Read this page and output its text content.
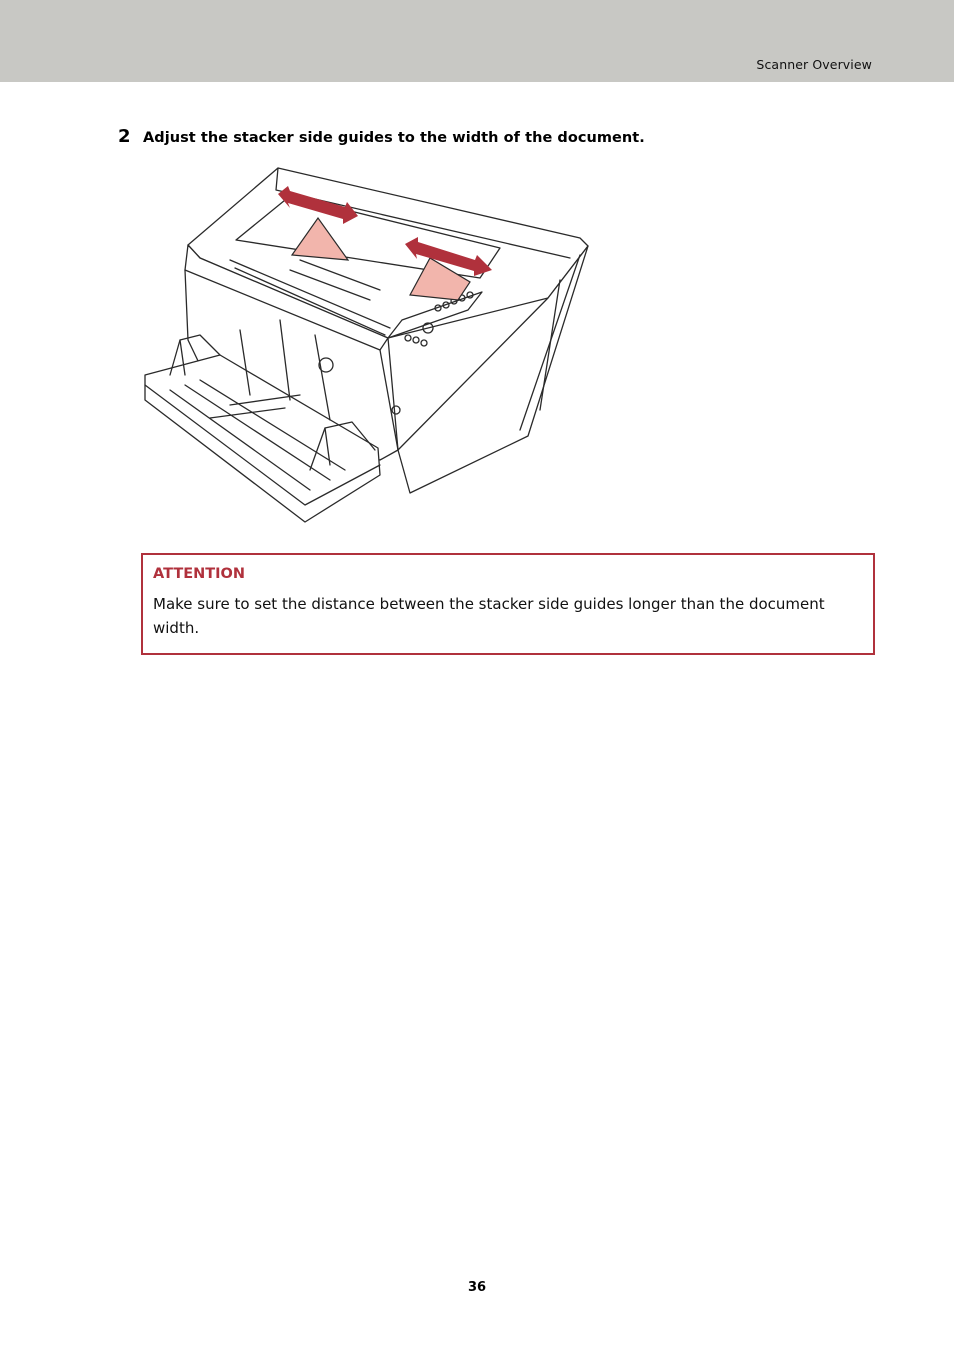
Scanner Overview
2 Adjust the stacker side guides to the width of the document.
ATTENTION
Make sure to set the distance between the stacker side guides longer than the document width.
36
